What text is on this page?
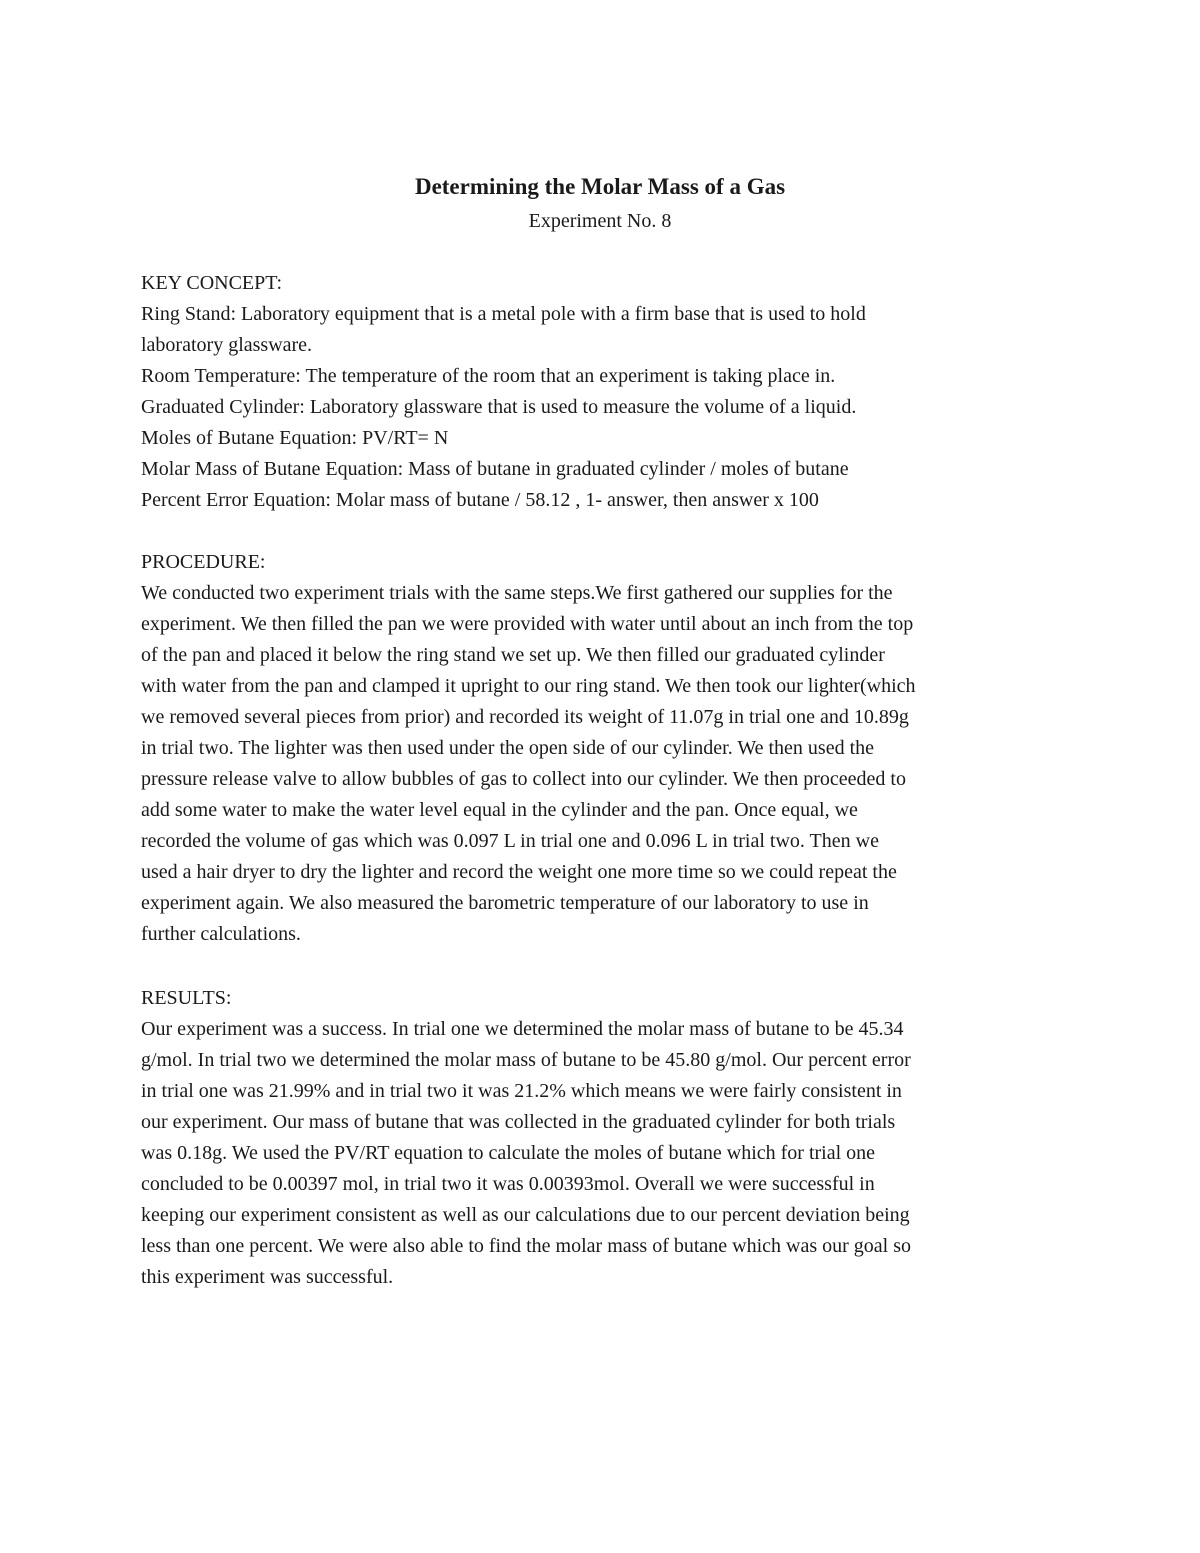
Determining the Molar Mass of a Gas
Experiment No. 8
KEY CONCEPT:
Ring Stand: Laboratory equipment that is a metal pole with a firm base that is used to hold
laboratory glassware.
Room Temperature: The temperature of the room that an experiment is taking place in.
Graduated Cylinder: Laboratory glassware that is used to measure the volume of a liquid.
Moles of Butane Equation: PV/RT= N
Molar Mass of Butane Equation: Mass of butane in graduated cylinder / moles of butane
Percent Error Equation: Molar mass of butane / 58.12 , 1- answer, then answer x 100
PROCEDURE:
We conducted two experiment trials with the same steps.We first gathered our supplies for the
experiment. We then filled the pan we were provided with water until about an inch from the top
of the pan and placed it below the ring stand we set up. We then filled our graduated cylinder
with water from the pan and clamped it upright to our ring stand. We then took our lighter(which
we removed several pieces from prior) and recorded its weight of 11.07g in trial one and 10.89g
in trial two. The lighter was then used under the open side of our cylinder. We then used the
pressure release valve to allow bubbles of gas to collect into our cylinder. We then proceeded to
add some water to make the water level equal in the cylinder and the pan. Once equal, we
recorded the volume of gas which was 0.097 L in trial one and 0.096 L in trial two. Then we
used a hair dryer to dry the lighter and record the weight one more time so we could repeat the
experiment again. We also measured the barometric temperature of our laboratory to use in
further calculations.
RESULTS:
Our experiment was a success. In trial one we determined the molar mass of butane to be 45.34
g/mol. In trial two we determined the molar mass of butane to be 45.80 g/mol. Our percent error
in trial one was 21.99% and in trial two it was 21.2% which means we were fairly consistent in
our experiment. Our mass of butane that was collected in the graduated cylinder for both trials
was 0.18g. We used the PV/RT equation to calculate the moles of butane which for trial one
concluded to be 0.00397 mol, in trial two it was 0.00393mol. Overall we were successful in
keeping our experiment consistent as well as our calculations due to our percent deviation being
less than one percent. We were also able to find the molar mass of butane which was our goal so
this experiment was successful.
